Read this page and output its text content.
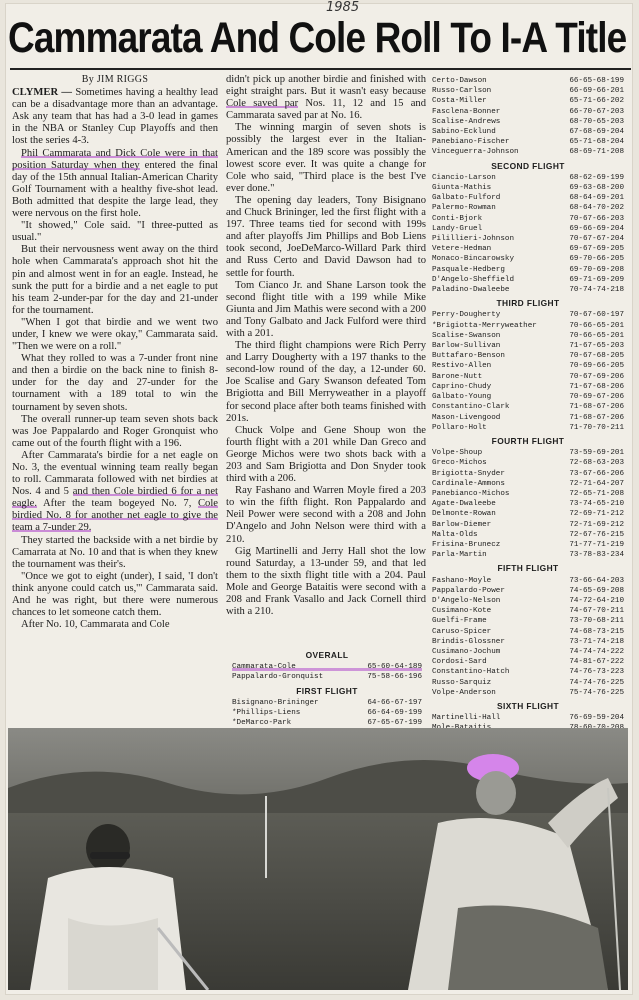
1985
Cammarata And Cole Roll To I-A Title
By JIM RIGGS

CLYMER — Sometimes having a healthy lead can be a disadvantage more than an advantage. Ask any team that has had a 3-0 lead in games in the NBA or Stanley Cup Playoffs and then lost the series 4-3.

Phil Cammarata and Dick Cole were in that position Saturday when they entered the final day of the 15th annual Italian-American Charity Golf Tournament with a healthy five-shot lead. Both admitted that despite the large lead, they were nervous on the first hole.

"It showed," Cole said. "I three-putted as usual."

But their nervousness went away on the third hole when Cammarata's approach shot hit the pin and almost went in for an eagle. Instead, he sunk the putt for a birdie and a net eagle to put his team 2-under-par for the day and 21-under for the tournament.

"When I got that birdie and we went two under, I knew we were okay," Cammarata said. "Then we were on a roll."

What they rolled to was a 7-under front nine and then a birdie on the back nine to finish 8-under for the day and 27-under for the tournament with a 189 total to win the tournament by seven shots.

The overall runner-up team seven shots back was Joe Pappalardo and Roger Gronquist who came out of the fourth flight with a 196.

After Cammarata's birdie for a net eagle on No. 3, the eventual winning team really began to roll. Cammarata followed with net birdies at Nos. 4 and 5 and then Cole birdied 6 for a net eagle. After the team bogeyed No. 7, Cole birdied No. 8 for another net eagle to give the team a 7-under 29.

They started the backside with a net birdie by Camarrata at No. 10 and that is when they knew the tournament was their's.

"Once we got to eight (under), I said, 'I don't think anyone could catch us,'" Cammarata said. And he was right, but there were numerous chances to let someone catch them.

After No. 10, Cammarata and Cole

didn't pick up another birdie and finished with eight straight pars. But it wasn't easy because Cole saved par Nos. 11, 12 and 15 and Cammarata saved par at No. 16.

The winning margin of seven shots is possibly the largest ever in the Italian-American and the 189 score was possibly the lowest score ever. It was quite a change for Cole who said, "Third place is the best I've ever done."

The opening day leaders, Tony Bisignano and Chuck Brininger, led the first flight with a 197. Three teams tied for second with 199s and after playoffs Jim Phillips and Bob Liens took second, JoeDeMarco-Willard Park third and Russ Certo and David Dawson had to settle for fourth.

Tom Cianco Jr. and Shane Larson took the second flight title with a 199 while Mike Giunta and Jim Mathis were second with a 200 and Tony Galbato and Jack Fulford were third with a 201.

The third flight champions were Rich Perry and Larry Dougherty with a 197 thanks to the second-low round of the day, a 12-under 60. Joe Scalise and Gary Swanson defeated Tom Brigiotta and Bill Merryweather in a playoff for second place after both teams finished with 201s.

Chuck Volpe and Gene Shoup won the fourth flight with a 201 while Dan Greco and George Michos were two shots back with a 203 and Sam Brigiotta and Don Snyder took third with a 206.

Ray Fashano and Warren Moyle fired a 203 to win the fifth flight. Ron Pappalardo and Neil Power were second with a 208 and John D'Angelo and John Nelson were third with a 210.

Gig Martinelli and Jerry Hall shot the low round Saturday, a 13-under 59, and that led them to the sixth flight title with a 204. Paul Mole and George Bataitis were second with a 208 and Frank Vasallo and Jack Cornell third with a 210.

OVERALL
Cammarata-Cole	65-60-64-189
Pappalardo-Gronquist	75-58-66-196
FIRST FLIGHT
Bisignano-Brininger	64-66-67-197
*Phillips-Liens	66-64-69-199
*DeMarco-Park	67-65-67-199
Certo-Dawson	66-65-68-199
Russo-Carlson	66-69-66-201
Costa-Miller	65-71-66-202
Fasclena-Bonner	66-70-67-203
Scalise-Andrews	68-70-65-203
Sabino-Ecklund	67-68-69-204
Panebiano-Fischer	65-71-68-204
Vinceguerra-Johnson	68-69-71-208
SECOND FLIGHT
Ciancio-Larson	68-62-69-199
Giunta-Mathis	69-63-68-200
Galbato-Fulford	68-64-69-201
Palermo-Rowman	68-64-70-202
Conti-Bjork	70-67-66-203
Landy-Gruel	69-66-69-204
Pilillieri-Johnson	70-67-67-204
Vetere-Hedman	69-67-69-205
Monaco-Bincarowsky	69-70-66-205
Pasquale-Hedberg	69-70-69-208
D'Angelo-Sheffield	69-71-69-209
Paladino-Dwaleebe	70-74-74-218
THIRD FLIGHT
Perry-Dougherty	70-67-60-197
*Brigiotta-Merryweather	70-66-65-201
Scalise-Swanson	70-66-65-201
Barlow-Sullivan	71-67-65-203
Buttafaro-Benson	70-67-68-205
Restivo-Allen	70-69-66-205
Barone-Nutt	70-67-69-206
Caprino-Chudy	71-67-68-206
Galbato-Young	70-69-67-206
Constantino-Clark	71-68-67-206
Mason-Livengood	71-68-67-206
Pollaro-Holt	71-70-70-211
FOURTH FLIGHT
Volpe-Shoup	73-59-69-201
Greco-Michos	72-68-63-203
Brigiotta-Snyder	73-67-66-206
Cardinale-Ammons	72-71-64-207
Panebianco-Michos	72-65-71-208
Agate-Dwaleebe	73-74-65-210
Delmonte-Rowan	72-69-71-212
Barlow-Diemer	72-71-69-212
Malta-Olds	72-67-76-215
Frisina-Brunecz	71-77-71-219
Parla-Martin	73-78-83-234
FIFTH FLIGHT
Fashano-Moyle	73-66-64-203
Pappalardo-Power	74-65-69-208
D'Angelo-Nelson	74-72-64-210
Cusimano-Kote	74-67-70-211
Guelfi-Frame	73-70-68-211
Caruso-Spicer	74-68-73-215
Brindis-Glossner	73-71-74-218
Cusimano-Jochum	74-74-74-222
Cordosi-Sard	74-81-67-222
Constantino-Hatch	74-76-73-223
Russo-Sarquiz	74-74-76-225
Volpe-Anderson	75-74-76-225
SIXTH FLIGHT
Martinelli-Hall	76-69-59-204
